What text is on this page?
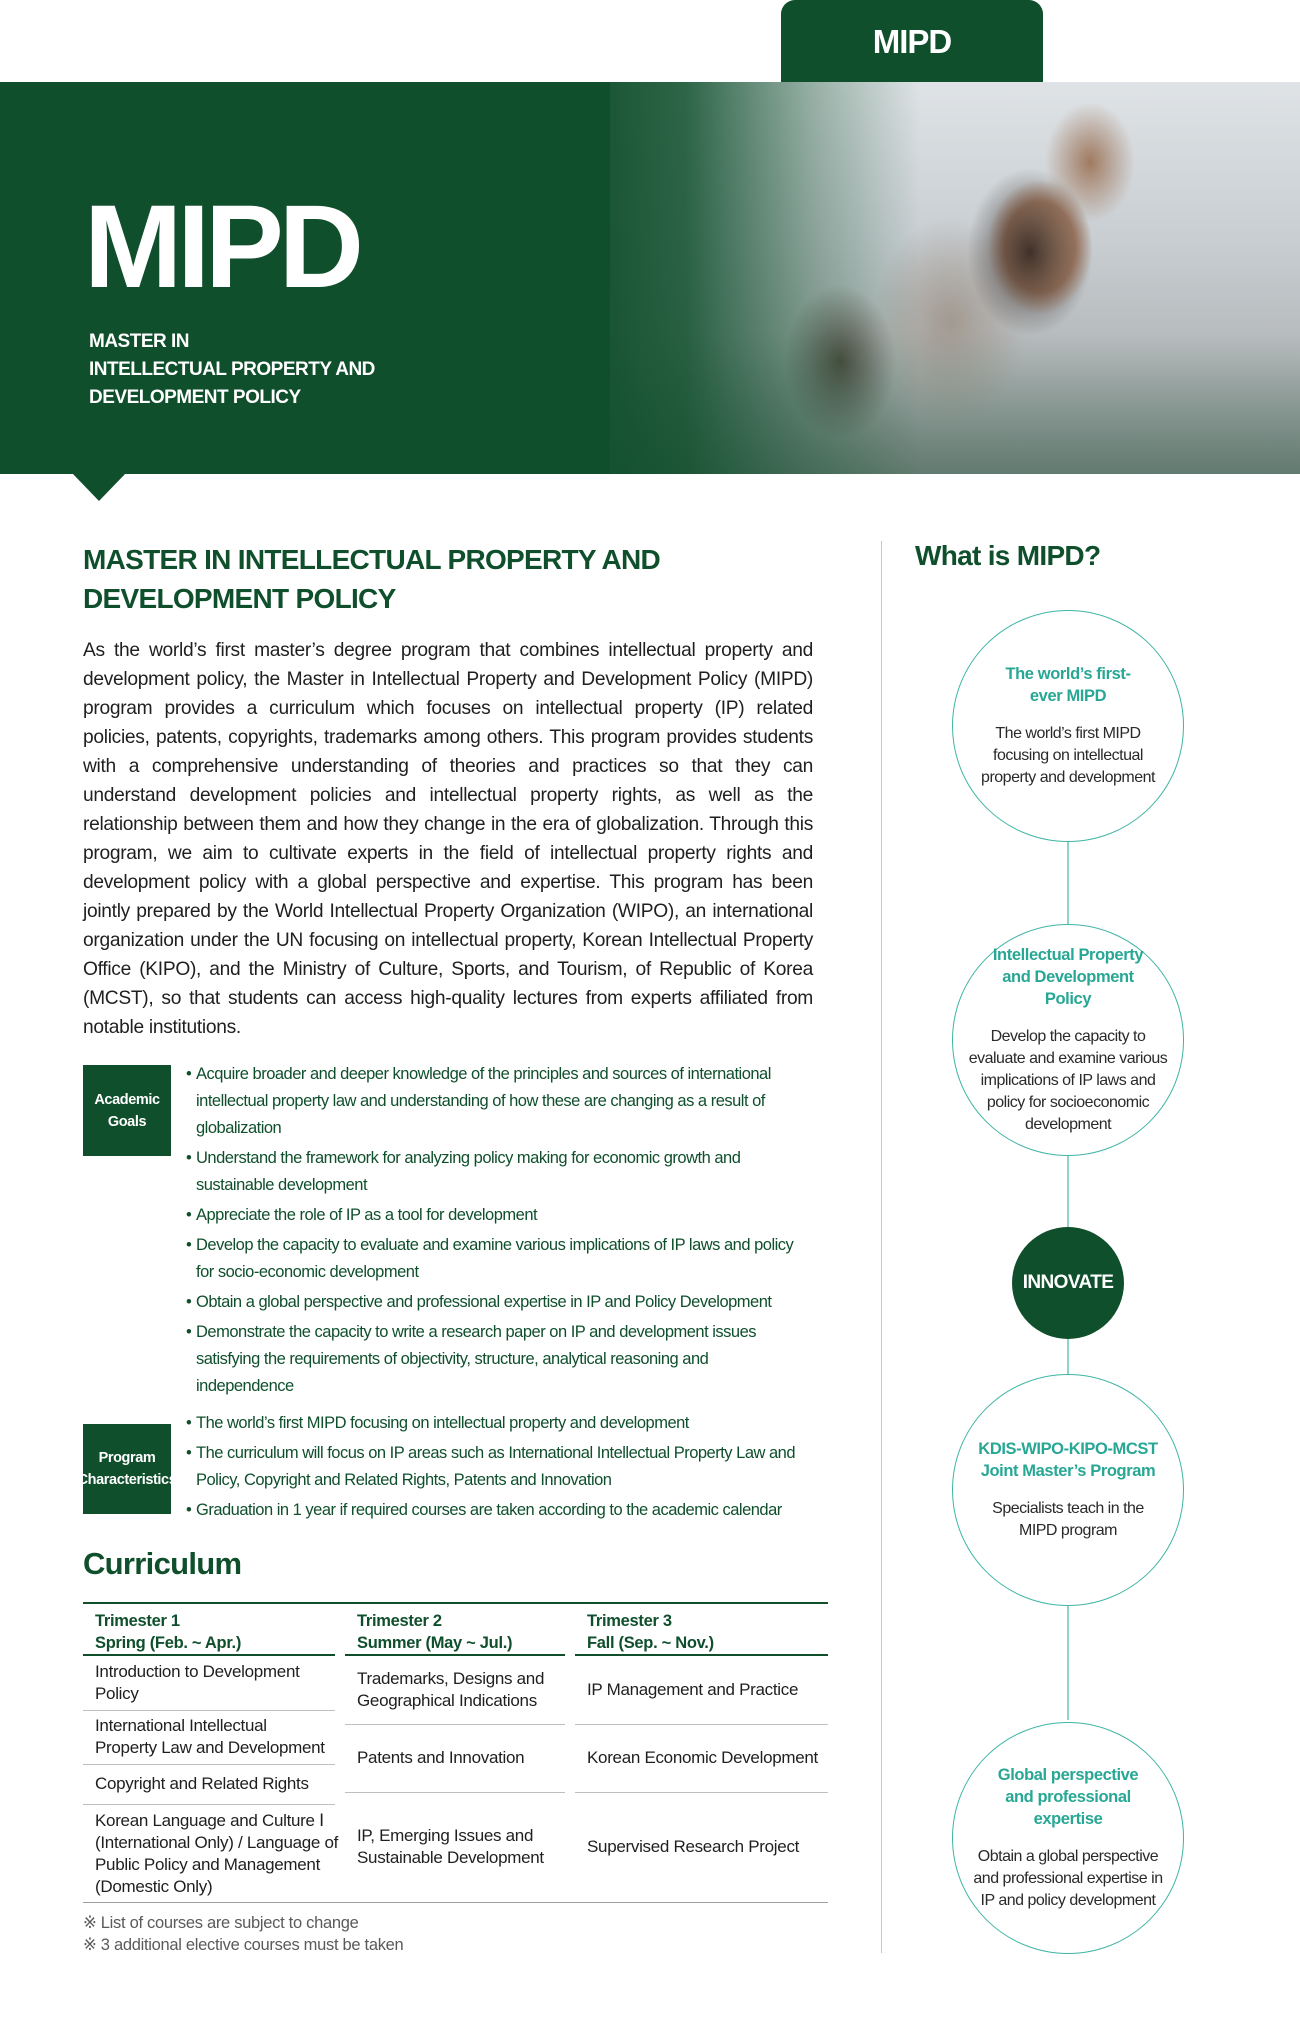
MIPD
MIPD
MASTER IN
INTELLECTUAL PROPERTY AND
DEVELOPMENT POLICY
MASTER IN INTELLECTUAL PROPERTY AND
DEVELOPMENT POLICY

As the world’s first master’s degree program that combines intellectual property and development policy, the Master in Intellectual Property and Development Policy (MIPD) program provides a curriculum which focuses on intellectual property (IP) related policies, patents, copyrights, trademarks among others. This program provides students with a comprehensive understanding of theories and practices so that they can understand development policies and intellectual property rights, as well as the relationship between them and how they change in the era of globalization. Through this program, we aim to cultivate experts in the field of intellectual property rights and development policy with a global perspective and expertise. This program has been jointly prepared by the World Intellectual Property Organization (WIPO), an international organization under the UN focusing on intellectual property, Korean Intellectual Property Office (KIPO), and the Ministry of Culture, Sports, and Tourism, of Republic of Korea (MCST), so that students can access high-quality lectures from experts affiliated from notable institutions.

Academic
Goals
• Acquire broader and deeper knowledge of the principles and sources of international intellectual property law and understanding of how these are changing as a result of globalization
• Understand the framework for analyzing policy making for economic growth and sustainable development
• Appreciate the role of IP as a tool for development
• Develop the capacity to evaluate and examine various implications of IP laws and policy for socio-economic development
• Obtain a global perspective and professional expertise in IP and Policy Development
• Demonstrate the capacity to write a research paper on IP and development issues satisfying the requirements of objectivity, structure, analytical reasoning and independence
Program
Characteristics
• The world’s first MIPD focusing on intellectual property and development
• The curriculum will focus on IP areas such as International Intellectual Property Law and Policy, Copyright and Related Rights, Patents and Innovation
• Graduation in 1 year if required courses are taken according to the academic calendar
Curriculum
Trimester 1
Spring (Feb. ~ Apr.)
Introduction to Development Policy
International Intellectual Property Law and Development
Copyright and Related Rights
Korean Language and Culture Ⅰ (International Only) / Language of Public Policy and Management (Domestic Only)
Trimester 2
Summer (May ~ Jul.)
Trademarks, Designs and Geographical Indications
Patents and Innovation
IP, Emerging Issues and Sustainable Development
Trimester 3
Fall (Sep. ~ Nov.)
IP Management and Practice
Korean Economic Development
Supervised Research Project
※ List of courses are subject to change
※ 3 additional elective courses must be taken
What is MIPD?
The world’s first-ever MIPD
The world’s first MIPD focusing on intellectual property and development
Intellectual Property and Development Policy
Develop the capacity to evaluate and examine various implications of IP laws and policy for socioeconomic development
INNOVATE
KDIS-WIPO-KIPO-MCST Joint Master’s Program
Specialists teach in the MIPD program
Global perspective and professional expertise
Obtain a global perspective and professional expertise in IP and policy development
